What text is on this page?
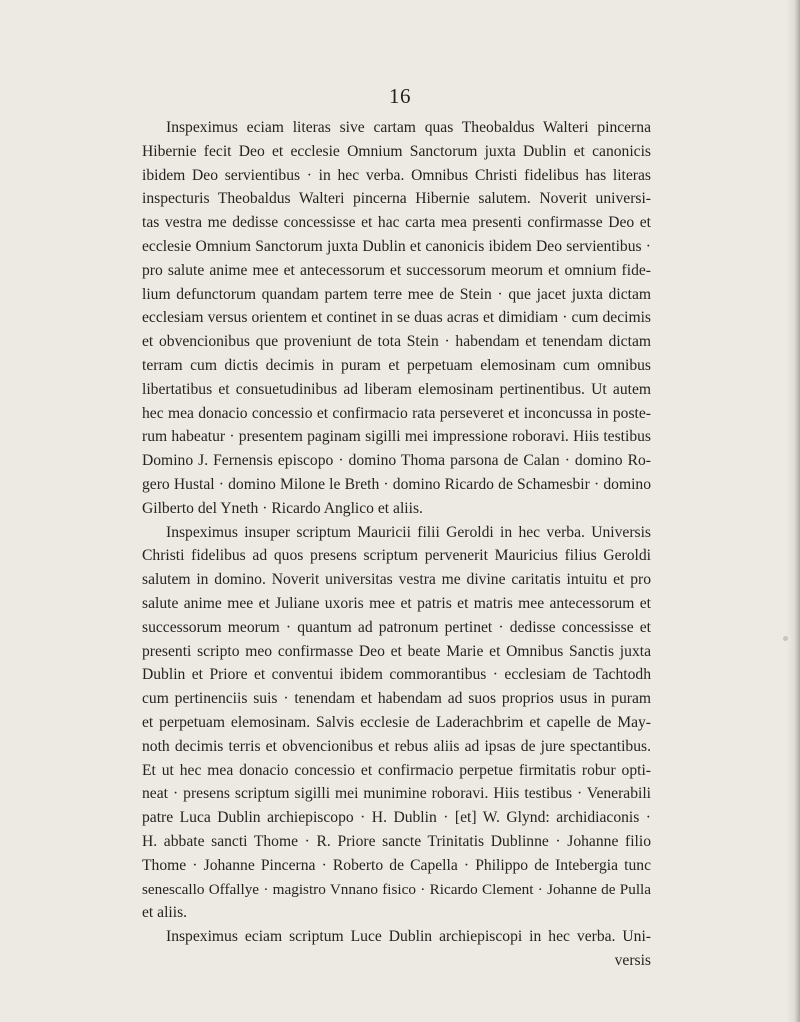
16
Inspeximus eciam literas sive cartam quas Theobaldus Walteri pincerna
Hibernie fecit Deo et ecclesie Omnium Sanctorum juxta Dublin et canonicis
ibidem Deo servientibus · in hec verba. Omnibus Christi fidelibus has literas
inspecturis Theobaldus Walteri pincerna Hibernie salutem. Noverit universi-
tas vestra me dedisse concessisse et hac carta mea presenti confirmasse Deo et
ecclesie Omnium Sanctorum juxta Dublin et canonicis ibidem Deo servientibus ·
pro salute anime mee et antecessorum et successorum meorum et omnium fide-
lium defunctorum quandam partem terre mee de Stein · que jacet juxta dictam
ecclesiam versus orientem et continet in se duas acras et dimidiam · cum decimis
et obvencionibus que proveniunt de tota Stein · habendam et tenendam dictam
terram cum dictis decimis in puram et perpetuam elemosinam cum omnibus
libertatibus et consuetudinibus ad liberam elemosinam pertinentibus. Ut autem
hec mea donacio concessio et confirmacio rata perseveret et inconcussa in poste-
rum habeatur · presentem paginam sigilli mei impressione roboravi. Hiis testibus
Domino J. Fernensis episcopo · domino Thoma parsona de Calan · domino Ro-
gero Hustal · domino Milone le Breth · domino Ricardo de Schamesbir · domino
Gilberto del Yneth · Ricardo Anglico et aliis.
Inspeximus insuper scriptum Mauricii filii Geroldi in hec verba. Universis
Christi fidelibus ad quos presens scriptum pervenerit Mauricius filius Geroldi
salutem in domino. Noverit universitas vestra me divine caritatis intuitu et pro
salute anime mee et Juliane uxoris mee et patris et matris mee antecessorum et
successorum meorum · quantum ad patronum pertinet · dedisse concessisse et
presenti scripto meo confirmasse Deo et beate Marie et Omnibus Sanctis juxta
Dublin et Priore et conventui ibidem commorantibus · ecclesiam de Tachtodh
cum pertinenciis suis · tenendam et habendam ad suos proprios usus in puram
et perpetuam elemosinam. Salvis ecclesie de Laderachbrim et capelle de May-
noth decimis terris et obvencionibus et rebus aliis ad ipsas de jure spectantibus.
Et ut hec mea donacio concessio et confirmacio perpetue firmitatis robur opti-
neat · presens scriptum sigilli mei munimine roboravi. Hiis testibus · Venerabili
patre Luca Dublin archiepiscopo · H. Dublin · [et] W. Glynd: archidiaconis ·
H. abbate sancti Thome · R. Priore sancte Trinitatis Dublinne · Johanne filio
Thome · Johanne Pincerna · Roberto de Capella · Philippo de Intebergia tunc
senescallo Offallye · magistro Vnnano fisico · Ricardo Clement · Johanne de Pulla
et aliis.
Inspeximus eciam scriptum Luce Dublin archiepiscopi in hec verba. Uni-
versis
